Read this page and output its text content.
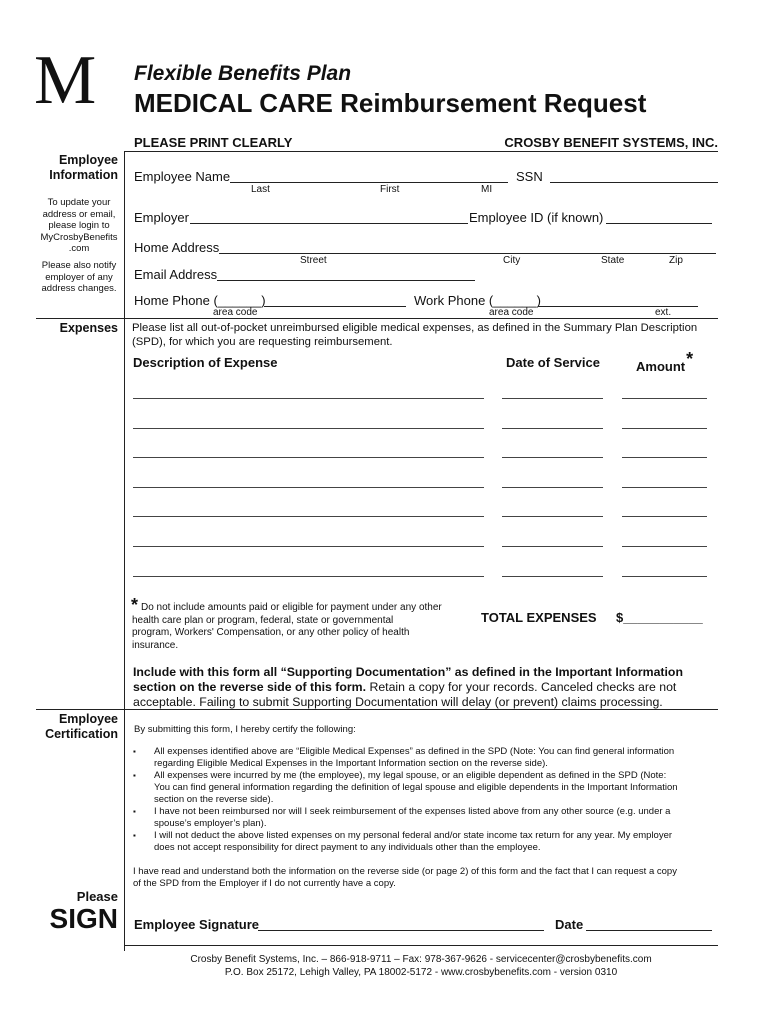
M Flexible Benefits Plan
MEDICAL CARE Reimbursement Request
PLEASE PRINT CLEARLY	CROSBY BENEFIT SYSTEMS, INC.
Employee
Information
To update your
address or email,
please login to
MyCrosbyBenefits
.com
Please also notify
employer of any
address changes.
Employee Name	SSN
Last	First	MI
Employer	Employee ID (if known)
Home Address
Street	City	State	Zip
Email Address
Home Phone (______)	Work Phone (______)
area code	area code	ext.
Expenses Please list all out-of-pocket unreimbursed eligible medical expenses, as defined in the Summary Plan Description
(SPD), for which you are requesting reimbursement.
Description of Expense	Date of Service	Amount*
* Do not include amounts paid or eligible for payment under any other
health care plan or program, federal, state or governmental
program, Workers' Compensation, or any other policy of health
insurance.
TOTAL EXPENSES $___________
Include with this form all “Supporting Documentation” as defined in the Important Information
section on the reverse side of this form. Retain a copy for your records. Canceled checks are not
acceptable. Failing to submit Supporting Documentation will delay (or prevent) claims processing.
Employee
Certification By submitting this form, I hereby certify the following:
▪ All expenses identified above are “Eligible Medical Expenses” as defined in the SPD (Note: You can find general information
regarding Eligible Medical Expenses in the Important Information section on the reverse side).
▪ All expenses were incurred by me (the employee), my legal spouse, or an eligible dependent as defined in the SPD (Note:
You can find general information regarding the definition of legal spouse and eligible dependents in the Important Information
section on the reverse side).
▪ I have not been reimbursed nor will I seek reimbursement of the expenses listed above from any other source (e.g. under a
spouse’s employer’s plan).
▪ I will not deduct the above listed expenses on my personal federal and/or state income tax return for any year. My employer
does not accept responsibility for direct payment to any individuals other than the employee.
I have read and understand both the information on the reverse side (or page 2) of this form and the fact that I can request a copy
of the SPD from the Employer if I do not currently have a copy.
Please
SIGN Employee Signature	Date
Crosby Benefit Systems, Inc. – 866-918-9711 – Fax: 978-367-9626 - servicecenter@crosbybenefits.com
P.O. Box 25172, Lehigh Valley, PA 18002-5172 - www.crosbybenefits.com - version 0310
